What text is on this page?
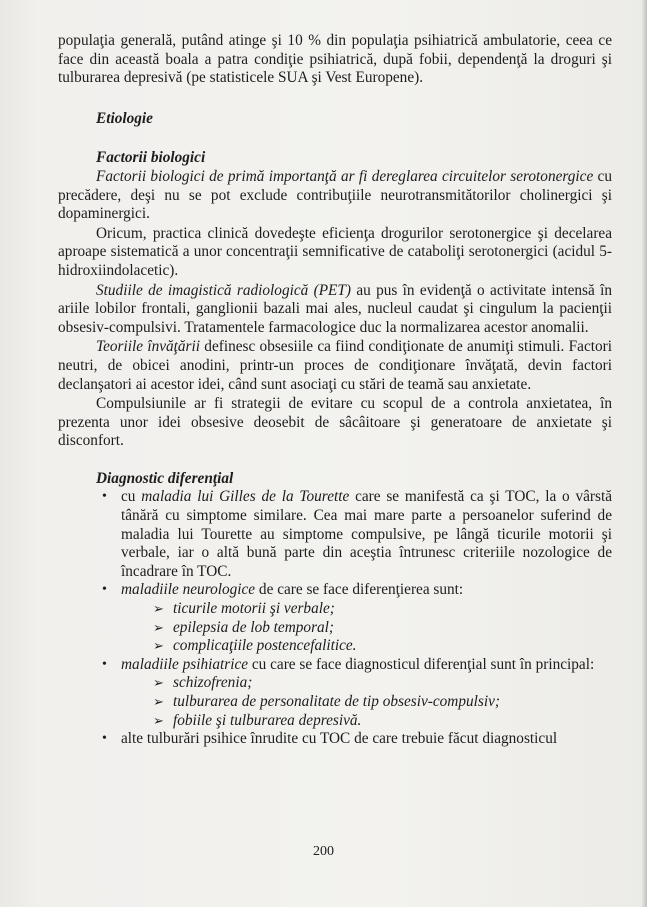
populaţia generală, putând atinge şi 10 % din populaţia psihiatrică ambulatorie, ceea ce face din această boala a patra condiţie psihiatrică, după fobii, dependenţă la droguri şi tulburarea depresivă (pe statisticele SUA şi Vest Europene).

Etiologie

Factorii biologici

Factorii biologici de primă importanţă ar fi dereglarea circuitelor serotonergice cu precădere, deşi nu se pot exclude contribuţiile neurotransmitătorilor cholinergici şi dopaminergici.

Oricum, practica clinică dovedeşte eficienţa drogurilor serotonergice şi decelarea aproape sistematică a unor concentraţii semnificative de cataboliţi serotonergici (acidul 5-hidroxiindolacetic).

Studiile de imagistică radiologică (PET) au pus în evidenţă o activitate intensă în ariile lobilor frontali, ganglionii bazali mai ales, nucleul caudat şi cingulum la pacienţii obsesiv-compulsivi. Tratamentele farmacologice duc la normalizarea acestor anomalii.

Teoriile învăţării definesc obsesiile ca fiind condiţionate de anumiţi stimuli. Factori neutri, de obicei anodini, printr-un proces de condiţionare învăţată, devin factori declanşatori ai acestor idei, când sunt asociaţi cu stări de teamă sau anxietate.

Compulsiunile ar fi strategii de evitare cu scopul de a controla anxietatea, în prezenta unor idei obsesive deosebit de sâcâitoare şi generatoare de anxietate şi disconfort.

Diagnostic diferenţial

• cu maladia lui Gilles de la Tourette care se manifestă ca şi TOC, la o vârstă tânără cu simptome similare. Cea mai mare parte a persoanelor suferind de maladia lui Tourette au simptome compulsive, pe lângă ticurile motorii şi verbale, iar o altă bună parte din aceştia întrunesc criteriile nozologice de încadrare în TOC.
• maladiile neurologice de care se face diferenţierea sunt:
➢ ticurile motorii şi verbale;
➢ epilepsia de lob temporal;
➢ complicaţiile postencefalitice.
• maladiile psihiatrice cu care se face diagnosticul diferenţial sunt în principal:
➢ schizofrenia;
➢ tulburarea de personalitate de tip obsesiv-compulsiv;
➢ fobiile şi tulburarea depresivă.
• alte tulburări psihice înrudite cu TOC de care trebuie făcut diagnosticul
200
